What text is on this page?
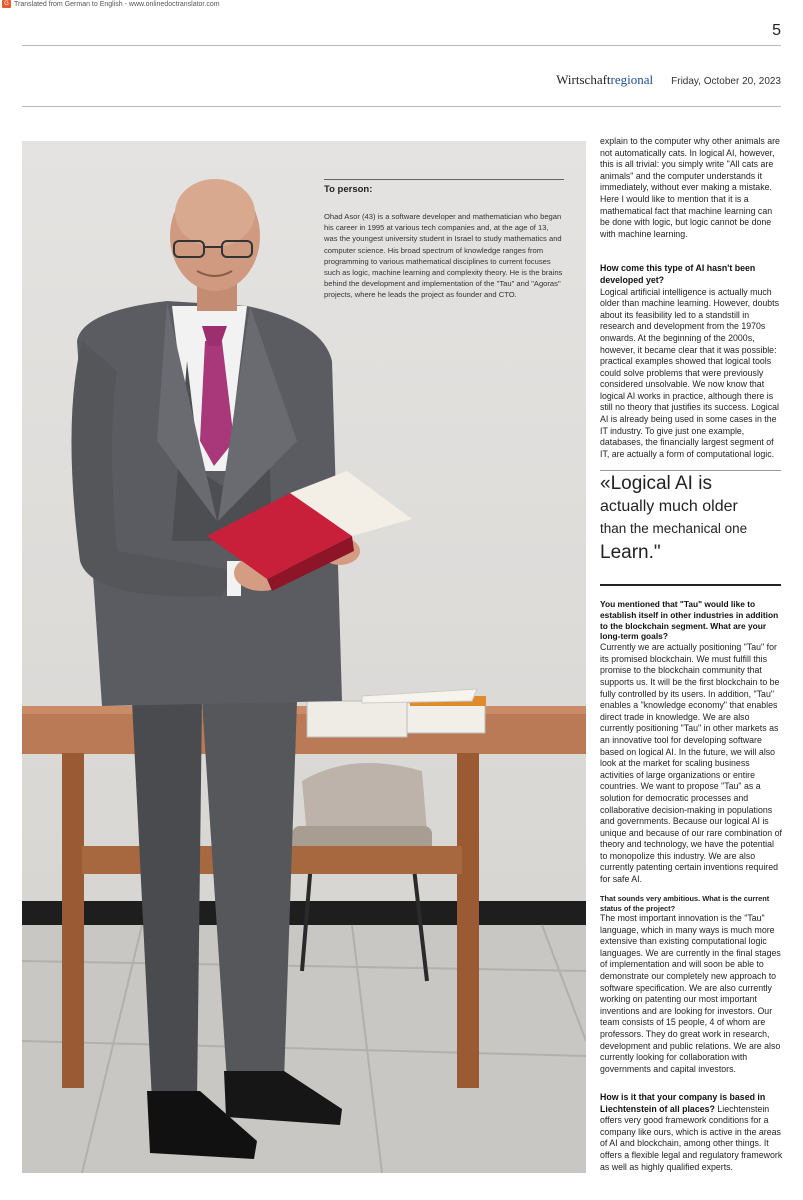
G Translated from German to English - www.onlinedoctranslator.com
5
Wirtschaftregional Friday, October 20, 2023
To person:

Ohad Asor (43) is a software developer and mathematician who began his career in 1995 at various tech companies and, at the age of 13, was the youngest university student in Israel to study mathematics and computer science. His broad spectrum of knowledge ranges from programming to various mathematical disciplines to current focuses such as logic, machine learning and complexity theory. He is the brains behind the development and implementation of the "Tau" and "Agoras" projects, where he leads the project as founder and CTO.

explain to the computer why other animals are not automatically cats. In logical AI, however, this is all trivial: you simply write "All cats are animals" and the computer understands it immediately, without ever making a mistake. Here I would like to mention that it is a mathematical fact that machine learning can be done with logic, but logic cannot be done with machine learning.

How come this type of AI hasn't been developed yet?

Logical artificial intelligence is actually much older than machine learning. However, doubts about its feasibility led to a standstill in research and development from the 1970s onwards. At the beginning of the 2000s, however, it became clear that it was possible: practical examples showed that logical tools could solve problems that were previously considered unsolvable. We now know that logical AI works in practice, although there is still no theory that justifies its success. Logical AI is already being used in some cases in the IT industry. To give just one example, databases, the financially largest segment of IT, are actually a form of computational logic.

«Logical AI is
actually much older
than the mechanical one
Learn."

You mentioned that "Tau" would like to establish itself in other industries in addition to the blockchain segment. What are your long-term goals?

Currently we are actually positioning "Tau" for its promised blockchain. We must fulfill this promise to the blockchain community that supports us. It will be the first blockchain to be fully controlled by its users. In addition, "Tau" enables a "knowledge economy" that enables direct trade in knowledge. We are also currently positioning "Tau" in other markets as an innovative tool for developing software based on logical AI. In the future, we will also look at the market for scaling business activities of large organizations or entire countries. We want to propose "Tau" as a solution for democratic processes and collaborative decision-making in populations and governments. Because our logical AI is unique and because of our rare combination of theory and technology, we have the potential to monopolize this industry. We are also currently patenting certain inventions required for safe AI.

That sounds very ambitious. What is the current status of the project?

The most important innovation is the "Tau" language, which in many ways is much more extensive than existing computational logic languages. We are currently in the final stages of implementation and will soon be able to demonstrate our completely new approach to software specification. We are also currently working on patenting our most important inventions and are looking for investors. Our team consists of 15 people, 4 of whom are professors. They do great work in research, development and public relations. We are also currently looking for collaboration with governments and capital investors.

How is it that your company is based in Liechtenstein of all places? Liechtenstein offers very good framework conditions for a company like ours, which is active in the areas of AI and blockchain, among other things. It offers a flexible legal and regulatory framework as well as highly qualified experts.
